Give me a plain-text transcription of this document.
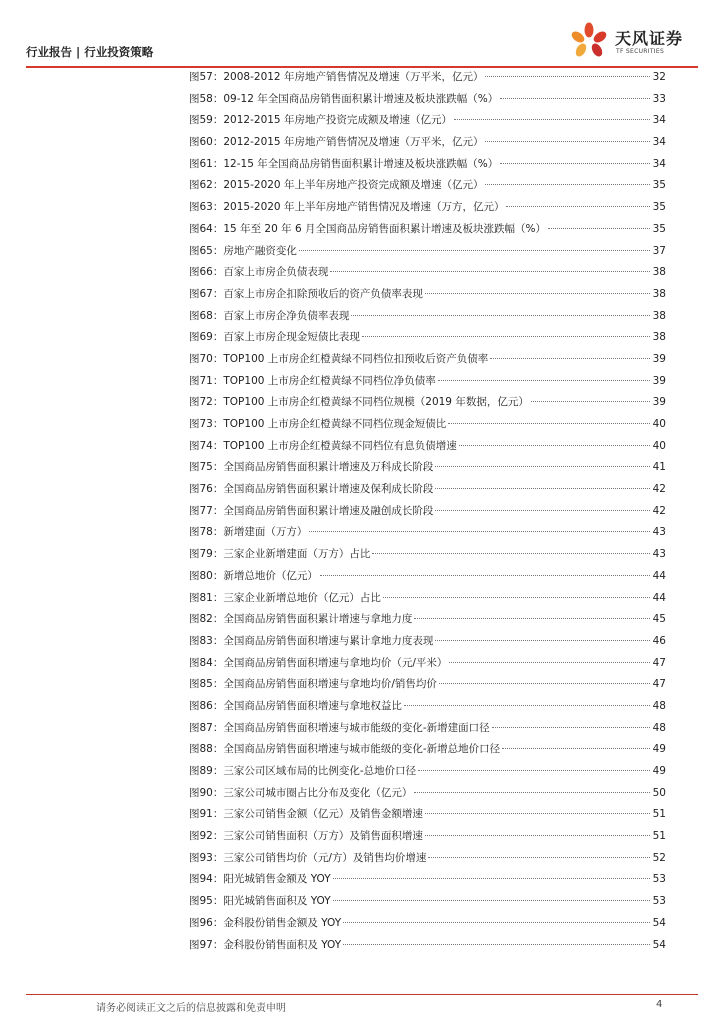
行业报告 | 行业投资策略
天风证券
TF SECURITIES
图57： 2008-2012 年房地产销售情况及增速（万平米，亿元）	32
图58： 09-12 年全国商品房销售面积累计增速及板块涨跌幅（%）	33
图59： 2012-2015 年房地产投资完成额及增速（亿元）	34
图60： 2012-2015 年房地产销售情况及增速（万平米，亿元）	34
图61： 12-15 年全国商品房销售面积累计增速及板块涨跌幅（%）	34
图62： 2015-2020 年上半年房地产投资完成额及增速（亿元）	35
图63： 2015-2020 年上半年房地产销售情况及增速（万方，亿元）	35
图64： 15 年至 20 年 6 月全国商品房销售面积累计增速及板块涨跌幅（%）	35
图65： 房地产融资变化	37
图66： 百家上市房企负债表现	38
图67： 百家上市房企扣除预收后的资产负债率表现	38
图68： 百家上市房企净负债率表现	38
图69： 百家上市房企现金短债比表现	38
图70： TOP100 上市房企红橙黄绿不同档位扣预收后资产负债率	39
图71： TOP100 上市房企红橙黄绿不同档位净负债率	39
图72： TOP100 上市房企红橙黄绿不同档位规模（2019 年数据，亿元）	39
图73： TOP100 上市房企红橙黄绿不同档位现金短债比	40
图74： TOP100 上市房企红橙黄绿不同档位有息负债增速	40
图75： 全国商品房销售面积累计增速及万科成长阶段	41
图76： 全国商品房销售面积累计增速及保利成长阶段	42
图77： 全国商品房销售面积累计增速及融创成长阶段	42
图78： 新增建面（万方）	43
图79： 三家企业新增建面（万方）占比	43
图80： 新增总地价（亿元）	44
图81： 三家企业新增总地价（亿元）占比	44
图82： 全国商品房销售面积累计增速与拿地力度	45
图83： 全国商品房销售面积增速与累计拿地力度表现	46
图84： 全国商品房销售面积增速与拿地均价（元/平米）	47
图85： 全国商品房销售面积增速与拿地均价/销售均价	47
图86： 全国商品房销售面积增速与拿地权益比	48
图87： 全国商品房销售面积增速与城市能级的变化-新增建面口径	48
图88： 全国商品房销售面积增速与城市能级的变化-新增总地价口径	49
图89： 三家公司区域布局的比例变化-总地价口径	49
图90： 三家公司城市圈占比分布及变化（亿元）	50
图91： 三家公司销售金额（亿元）及销售金额增速	51
图92： 三家公司销售面积（万方）及销售面积增速	51
图93： 三家公司销售均价（元/方）及销售均价增速	52
图94： 阳光城销售金额及 YOY	53
图95： 阳光城销售面积及 YOY	53
图96： 金科股份销售金额及 YOY	54
图97： 金科股份销售面积及 YOY	54
请务必阅读正文之后的信息披露和免责申明	4
